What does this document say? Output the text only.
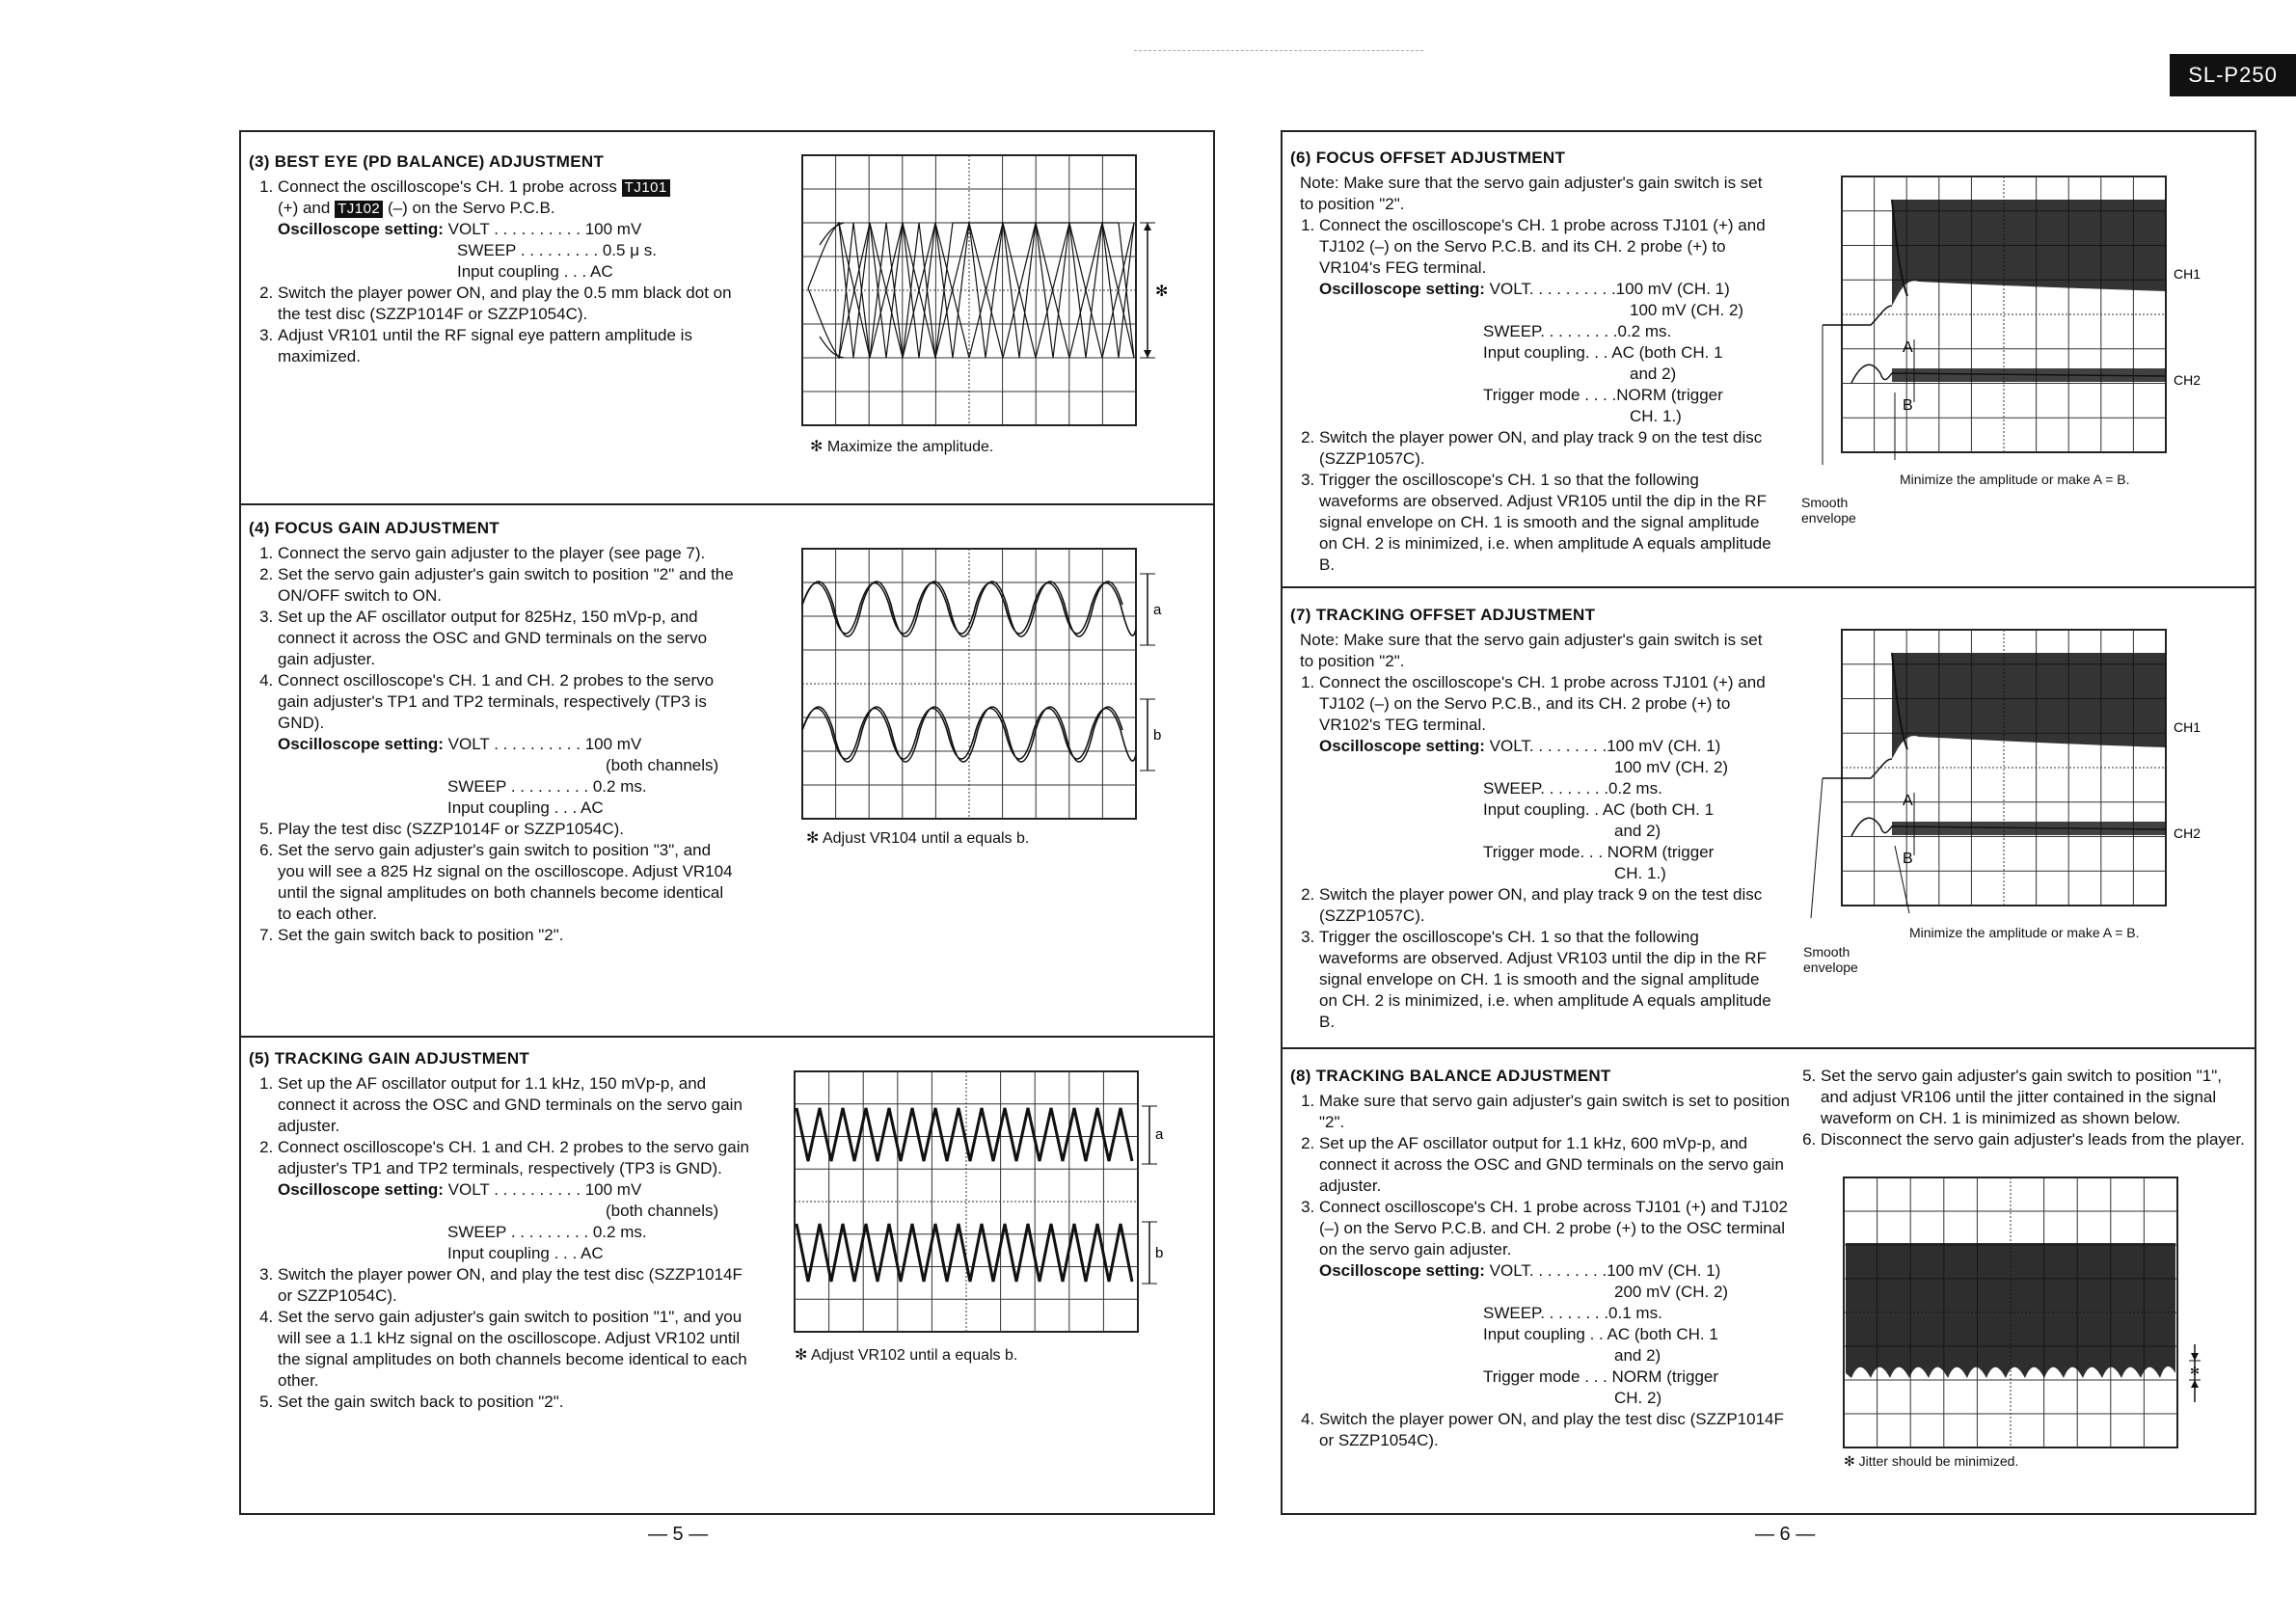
SL-P250
(3) BEST EYE (PD BALANCE) ADJUSTMENT
1. Connect the oscilloscope's CH. 1 probe across TJ101
(+) and TJ102 (–) on the Servo P.C.B.
Oscilloscope setting: VOLT . . . . . . . . . . 100 mV
SWEEP . . . . . . . . . 0.5 μ s.
Input coupling . . . AC
2. Switch the player power ON, and play the 0.5 mm black dot on the test disc (SZZP1014F or SZZP1054C).
3. Adjust VR101 until the RF signal eye pattern amplitude is maximized.
✻
✻ Maximize the amplitude.
(4) FOCUS GAIN ADJUSTMENT
1. Connect the servo gain adjuster to the player (see page 7).
2. Set the servo gain adjuster's gain switch to position "2" and the ON/OFF switch to ON.
3. Set up the AF oscillator output for 825Hz, 150 mVp-p, and connect it across the OSC and GND terminals on the servo gain adjuster.
4. Connect oscilloscope's CH. 1 and CH. 2 probes to the servo gain adjuster's TP1 and TP2 terminals, respectively (TP3 is GND).
Oscilloscope setting: VOLT . . . . . . . . . . 100 mV
(both channels)
SWEEP . . . . . . . . . 0.2 ms.
Input coupling . . . AC
5. Play the test disc (SZZP1014F or SZZP1054C).
6. Set the servo gain adjuster's gain switch to position "3", and you will see a 825 Hz signal on the oscilloscope. Adjust VR104 until the signal amplitudes on both channels become identical to each other.
7. Set the gain switch back to position "2".
a
b
✻ Adjust VR104 until a equals b.
(5) TRACKING GAIN ADJUSTMENT
1. Set up the AF oscillator output for 1.1 kHz, 150 mVp-p, and connect it across the OSC and GND terminals on the servo gain adjuster.
2. Connect oscilloscope's CH. 1 and CH. 2 probes to the servo gain adjuster's TP1 and TP2 terminals, respectively (TP3 is GND).
Oscilloscope setting: VOLT . . . . . . . . . . 100 mV
(both channels)
SWEEP . . . . . . . . . 0.2 ms.
Input coupling . . . AC
3. Switch the player power ON, and play the test disc (SZZP1014F or SZZP1054C).
4. Set the servo gain adjuster's gain switch to position "1", and you will see a 1.1 kHz signal on the oscilloscope. Adjust VR102 until the signal amplitudes on both channels become identical to each other.
5. Set the gain switch back to position "2".
a
b
✻ Adjust VR102 until a equals b.
— 5 —
(6) FOCUS OFFSET ADJUSTMENT
Note: Make sure that the servo gain adjuster's gain switch is set to position "2".
1. Connect the oscilloscope's CH. 1 probe across TJ101 (+) and TJ102 (–) on the Servo P.C.B. and its CH. 2 probe (+) to VR104's FEG terminal.
Oscilloscope setting: VOLT. . . . . . . . . .100 mV (CH. 1)
100 mV (CH. 2)
SWEEP. . . . . . . . .0.2 ms.
Input coupling. . . AC (both CH. 1
and 2)
Trigger mode . . . .NORM (trigger
CH. 1.)
2. Switch the player power ON, and play track 9 on the test disc (SZZP1057C).
3. Trigger the oscilloscope's CH. 1 so that the following waveforms are observed. Adjust VR105 until the dip in the RF signal envelope on CH. 1 is smooth and the signal amplitude on CH. 2 is minimized, i.e. when amplitude A equals amplitude B.
A
B
CH1
CH2
Minimize the amplitude or make A = B.
Smooth
envelope
(7) TRACKING OFFSET ADJUSTMENT
Note: Make sure that the servo gain adjuster's gain switch is set to position "2".
1. Connect the oscilloscope's CH. 1 probe across TJ101 (+) and TJ102 (–) on the Servo P.C.B., and its CH. 2 probe (+) to VR102's TEG terminal.
Oscilloscope setting: VOLT. . . . . . . . .100 mV (CH. 1)
100 mV (CH. 2)
SWEEP. . . . . . . .0.2 ms.
Input coupling. . AC (both CH. 1
and 2)
Trigger mode. . . NORM (trigger
CH. 1.)
2. Switch the player power ON, and play track 9 on the test disc (SZZP1057C).
3. Trigger the oscilloscope's CH. 1 so that the following waveforms are observed. Adjust VR103 until the dip in the RF signal envelope on CH. 1 is smooth and the signal amplitude on CH. 2 is minimized, i.e. when amplitude A equals amplitude B.
A
B
CH1
CH2
Minimize the amplitude or make A = B.
Smooth
envelope
(8) TRACKING BALANCE ADJUSTMENT
1. Make sure that servo gain adjuster's gain switch is set to position "2".
2. Set up the AF oscillator output for 1.1 kHz, 600 mVp-p, and connect it across the OSC and GND terminals on the servo gain adjuster.
3. Connect oscilloscope's CH. 1 probe across TJ101 (+) and TJ102 (–) on the Servo P.C.B. and CH. 2 probe (+) to the OSC terminal on the servo gain adjuster.
Oscilloscope setting: VOLT. . . . . . . . .100 mV (CH. 1)
200 mV (CH. 2)
SWEEP. . . . . . . .0.1 ms.
Input coupling . . AC (both CH. 1
and 2)
Trigger mode . . . NORM (trigger
CH. 2)
4. Switch the player power ON, and play the test disc (SZZP1014F or SZZP1054C).
5. Set the servo gain adjuster's gain switch to position "1", and adjust VR106 until the jitter contained in the signal waveform on CH. 1 is minimized as shown below.
6. Disconnect the servo gain adjuster's leads from the player.
✻
✻ Jitter should be minimized.
— 6 —
